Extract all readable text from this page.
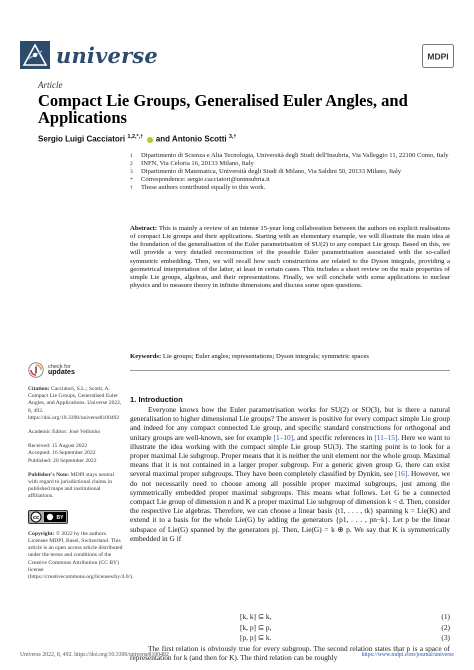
universe	MDPI
Article
Compact Lie Groups, Generalised Euler Angles, and Applications
Sergio Luigi Cacciatori $^{1,2,*,\dagger}$ and Antonio Scotti $^{3,\dagger}$
1	Dipartimento di Scienza e Alta Tecnologia, Università degli Studi dell'Insubria, Via Valleggio 11, 22100 Como, Italy
2	INFN, Via Celoria 16, 20133 Milano, Italy
3	Dipartimento di Matematica, Università degli Studi di Milano, Via Saldini 50, 20133 Milano, Italy
*	Correspondence: sergio.cacciatori@uninsubria.it
†	These authors contributed equally to this work.
Abstract: This is mainly a review of an intense 15-year long collaboration between the authors on explicit realisations of compact Lie groups and their applications. Starting with an elementary example, we will illustrate the main idea at the foundation of the generalisation of the Euler parametrisation of SU(2) to any compact Lie group. Based on this, we will provide a very detailed reconstruction of the possible Euler parametrisation associated with the so-called symmetric embedding. Then, we will recall how such constructions are related to the Dyson integrals, providing a geometrical interpretation of the latter, at least in certain cases. This includes a short review on the main properties of simple Lie groups, algebras, and their representations. Finally, we will conclude with some applications to nuclear physics and to measure theory in infinite dimensions and discuss some open questions.
Keywords: Lie groups; Euler angles; representations; Dyson integrals; symmetric spaces
check for
updates
Citation: Cacciatori, S.L.; Scotti, A. Compact Lie Groups, Generalised Euler Angles, and Applications. Universe 2022, 8, 492. https://doi.org/10.3390/universe8100492
Academic Editor: José Velhinho
Received: 15 August 2022
Accepted: 16 September 2022
Published: 20 September 2022
Publisher's Note: MDPI stays neutral with regard to jurisdictional claims in published maps and institutional affiliations.
cc	BY
Copyright: © 2022 by the authors. Licensee MDPI, Basel, Switzerland. This article is an open access article distributed under the terms and conditions of the Creative Commons Attribution (CC BY) license (https://creativecommons.org/licenses/by/4.0/).
1. Introduction

Everyone knows how the Euler parametrisation works for SU(2) or SO(3), but is there a natural generalisation to higher dimensional Lie groups? The answer is positive for every compact simple Lie group and indeed for any compact connected Lie group, and specific standard constructions for orthogonal and unitary groups are well-known, see for example [1–10], and specific references in [11–15]. Here we want to illustrate the idea working with the compact simple Lie group SU(3). The starting point is to look for a proper maximal Lie subgroup. Proper means that it is neither the unit element nor the whole group. Maximal means that it is not contained in a larger proper subgroup. For a generic given group G, there can exist several maximal proper subgroups. They have been completely classified by Dynkin, see [16]. However, we do not necessarily need to choose among all possible proper maximal subgroups, just among the symmetrically embedded proper maximal subgroups. This means what follows. Let G be a connected compact Lie group of dimension n and K a proper maximal Lie subgroup of dimension k < d. Then, consider the respective Lie algebras. Therefore, we can choose a linear basis {t1, . . . , tk} spanning k = Lie(K) and extend it to a basis for the whole Lie(G) by adding the generators {p1, . . . , pn−k}. Let p be the linear subspace of Lie(G) spanned by the generators pj. Then, Lie(G) = k ⊕ p. We say that K is symmetrically embedded in G if

[k, k] ⊆ k,	(1)
[k, p] ⊆ p,	(2)
[p, p] ⊆ k.	(3)
The first relation is obviously true for every subgroup. The second relation states that p is a space of representation for k (and then for K). The third relation can be roughly
Universe 2022, 8, 492. https://doi.org/10.3390/universe8100492	https://www.mdpi.com/journal/universe
